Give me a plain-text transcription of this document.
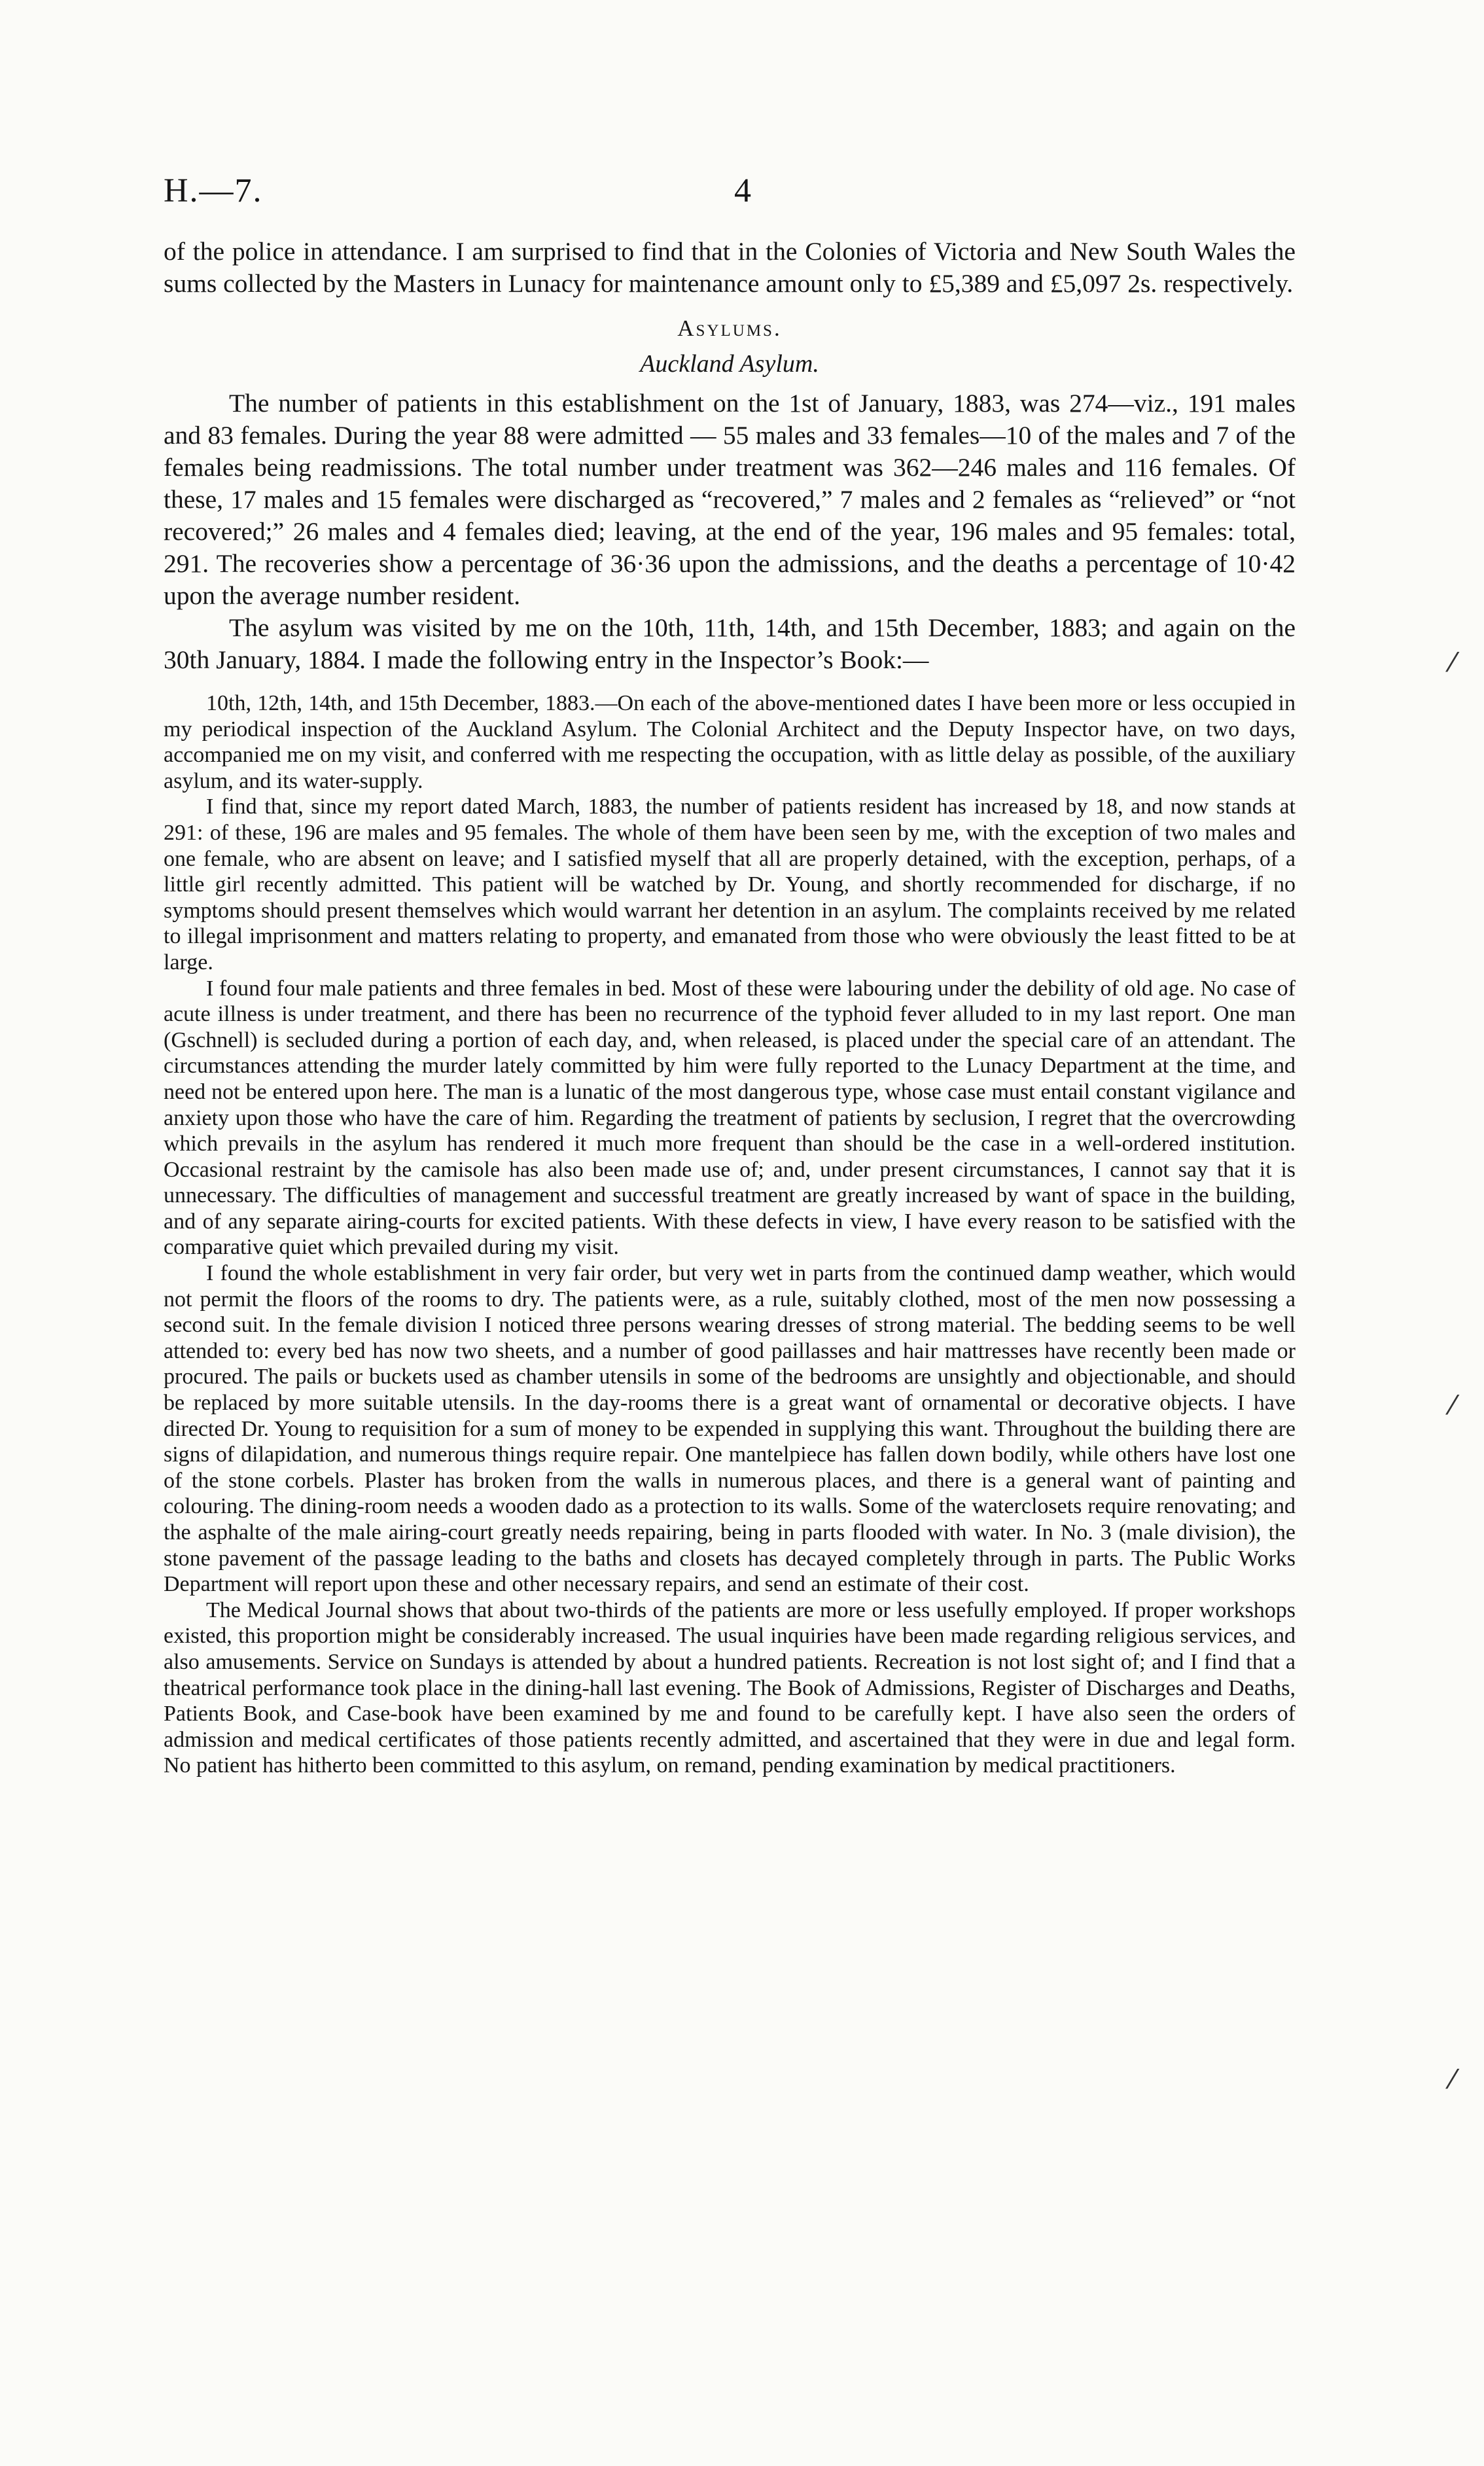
H.—7.	4

of the police in attendance. I am surprised to find that in the Colonies of Victoria and New South Wales the sums collected by the Masters in Lunacy for maintenance amount only to £5,389 and £5,097 2s. respectively.

Asylums.
Auckland Asylum.

The number of patients in this establishment on the 1st of January, 1883, was 274—viz., 191 males and 83 females. During the year 88 were admitted — 55 males and 33 females—10 of the males and 7 of the females being readmissions. The total number under treatment was 362—246 males and 116 females. Of these, 17 males and 15 females were discharged as “recovered,” 7 males and 2 females as “relieved” or “not recovered;” 26 males and 4 females died; leaving, at the end of the year, 196 males and 95 females: total, 291. The recoveries show a percentage of 36·36 upon the admissions, and the deaths a percentage of 10·42 upon the average number resident.

The asylum was visited by me on the 10th, 11th, 14th, and 15th December, 1883; and again on the 30th January, 1884. I made the following entry in the Inspector’s Book:—

10th, 12th, 14th, and 15th December, 1883.—On each of the above-mentioned dates I have been more or less occupied in my periodical inspection of the Auckland Asylum. The Colonial Architect and the Deputy Inspector have, on two days, accompanied me on my visit, and conferred with me respecting the occupation, with as little delay as possible, of the auxiliary asylum, and its water-supply.

I find that, since my report dated March, 1883, the number of patients resident has increased by 18, and now stands at 291: of these, 196 are males and 95 females. The whole of them have been seen by me, with the exception of two males and one female, who are absent on leave; and I satisfied myself that all are properly detained, with the exception, perhaps, of a little girl recently admitted. This patient will be watched by Dr. Young, and shortly recommended for discharge, if no symptoms should present themselves which would warrant her detention in an asylum. The complaints received by me related to illegal imprisonment and matters relating to property, and emanated from those who were obviously the least fitted to be at large.

I found four male patients and three females in bed. Most of these were labouring under the debility of old age. No case of acute illness is under treatment, and there has been no recurrence of the typhoid fever alluded to in my last report. One man (Gschnell) is secluded during a portion of each day, and, when released, is placed under the special care of an attendant. The circumstances attending the murder lately committed by him were fully reported to the Lunacy Department at the time, and need not be entered upon here. The man is a lunatic of the most dangerous type, whose case must entail constant vigilance and anxiety upon those who have the care of him. Regarding the treatment of patients by seclusion, I regret that the overcrowding which prevails in the asylum has rendered it much more frequent than should be the case in a well-ordered institution. Occasional restraint by the camisole has also been made use of; and, under present circumstances, I cannot say that it is unnecessary. The difficulties of management and successful treatment are greatly increased by want of space in the building, and of any separate airing-courts for excited patients. With these defects in view, I have every reason to be satisfied with the comparative quiet which prevailed during my visit.

I found the whole establishment in very fair order, but very wet in parts from the continued damp weather, which would not permit the floors of the rooms to dry. The patients were, as a rule, suitably clothed, most of the men now possessing a second suit. In the female division I noticed three persons wearing dresses of strong material. The bedding seems to be well attended to: every bed has now two sheets, and a number of good paillasses and hair mattresses have recently been made or procured. The pails or buckets used as chamber utensils in some of the bedrooms are unsightly and objectionable, and should be replaced by more suitable utensils. In the day-rooms there is a great want of ornamental or decorative objects. I have directed Dr. Young to requisition for a sum of money to be expended in supplying this want. Throughout the building there are signs of dilapidation, and numerous things require repair. One mantelpiece has fallen down bodily, while others have lost one of the stone corbels. Plaster has broken from the walls in numerous places, and there is a general want of painting and colouring. The dining-room needs a wooden dado as a protection to its walls. Some of the waterclosets require renovating; and the asphalte of the male airing-court greatly needs repairing, being in parts flooded with water. In No. 3 (male division), the stone pavement of the passage leading to the baths and closets has decayed completely through in parts. The Public Works Department will report upon these and other necessary repairs, and send an estimate of their cost.

The Medical Journal shows that about two-thirds of the patients are more or less usefully employed. If proper workshops existed, this proportion might be considerably increased. The usual inquiries have been made regarding religious services, and also amusements. Service on Sundays is attended by about a hundred patients. Recreation is not lost sight of; and I find that a theatrical performance took place in the dining-hall last evening. The Book of Admissions, Register of Discharges and Deaths, Patients Book, and Case-book have been examined by me and found to be carefully kept. I have also seen the orders of admission and medical certificates of those patients recently admitted, and ascertained that they were in due and legal form. No patient has hitherto been committed to this asylum, on remand, pending examination by medical practitioners.

⁄
⁄
⁄
